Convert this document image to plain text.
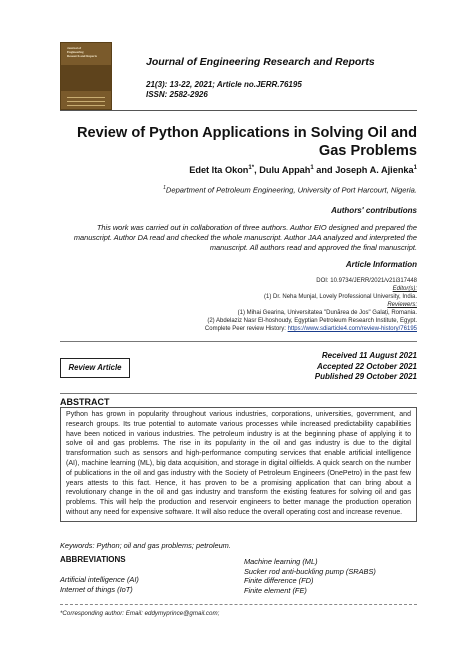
Journal of
Engineering
Research and Reports	Journal of Engineering Research and Reports
21(3): 13-22, 2021; Article no.JERR.76195
ISSN: 2582-2926
Review of Python Applications in Solving Oil and Gas Problems
Edet Ita Okon$^{1*}$, Dulu Appah$^1$ and Joseph A. Ajienka$^1$
$^1$Department of Petroleum Engineering, University of Port Harcourt, Nigeria.
Authors' contributions
This work was carried out in collaboration of three authors. Author EIO designed and prepared the manuscript. Author DA read and checked the whole manuscript. Author JAA analyzed and interpreted the manuscript. All authors read and approved the final manuscript.
Article Information
DOI: 10.9734/JERR/2021/v21i317448
Editor(s):
(1) Dr. Neha Munjal, Lovely Professional University, India.
Reviewers:
(1) Mihai Gearina, Universitatea "Dunărea de Jos" Galați, Romania.
(2) Abdelaziz Nasr El-hoshoudy, Egyptian Petroleum Research Institute, Egypt.
Complete Peer review History: https://www.sdiarticle4.com/review-history/76195
Review Article
Received 11 August 2021
Accepted 22 October 2021
Published 29 October 2021
ABSTRACT
Python has grown in popularity throughout various industries, corporations, universities, government, and research groups. Its true potential to automate various processes while increased predictability capabilities have been noticed in various industries. The petroleum industry is at the beginning phase of applying it to solve oil and gas problems. The rise in its popularity in the oil and gas industry is due to the digital transformation such as sensors and high-performance computing services that enable artificial intelligence (AI), machine learning (ML), big data acquisition, and storage in digital oilfields. A quick search on the number of publications in the oil and gas industry with the Society of Petroleum Engineers (OnePetro) in the past few years attests to this fact. Hence, it has proven to be a promising application that can bring about a revolutionary change in the oil and gas industry and transform the existing features for solving oil and gas problems. This will help the production and reservoir engineers to better manage the production operation without any need for expensive software. It will also reduce the overall operating cost and increase revenue.
Keywords: Python; oil and gas problems; petroleum.
ABBREVIATIONS
Artificial intelligence (AI)
Internet of things (IoT)
Machine learning (ML)
Sucker rod anti-buckling pump (SRABS)
Finite difference (FD)
Finite element (FE)
*Corresponding author: Email: eddymyprince@gmail.com;
